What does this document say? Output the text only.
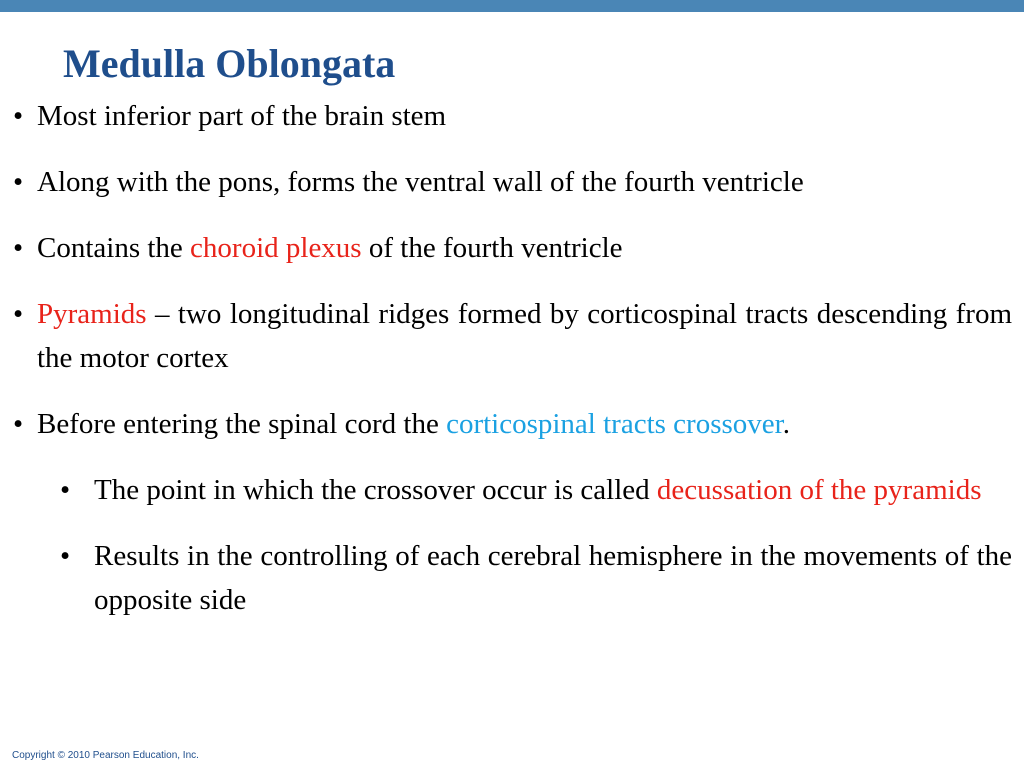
Medulla Oblongata
• Most inferior part of the brain stem
• Along with the pons, forms the ventral wall of the fourth ventricle
• Contains the choroid plexus of the fourth ventricle
• Pyramids – two longitudinal ridges formed by corticospinal tracts descending from the motor cortex
• Before entering the spinal cord the corticospinal tracts crossover.
• The point in which the crossover occur is called decussation of the pyramids
• Results in the controlling of each cerebral hemisphere in the movements of the opposite side
Copyright © 2010 Pearson Education, Inc.
